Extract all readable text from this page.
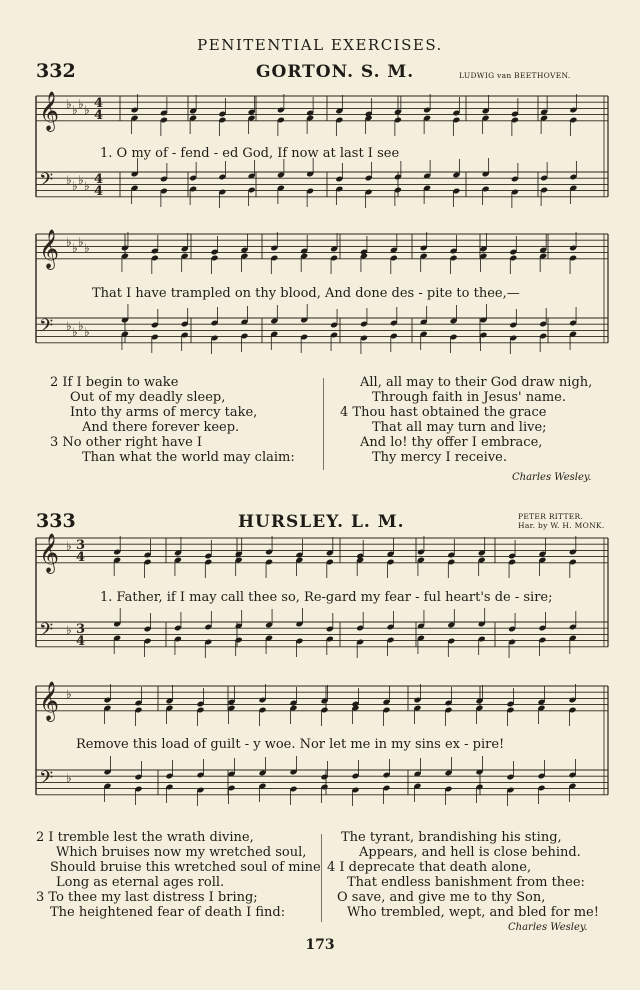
PENITENTIAL EXERCISES.
332	GORTON. S. M.	LUDWIG van BEETHOVEN.
𝄞 ♭ ♭ ♭ ♭ 4
4
𝄢 ♭ ♭ ♭ ♭ 4
4
1. O my of - fend - ed God, If now at last I see
𝄞 ♭ ♭ ♭ ♭
𝄢 ♭ ♭ ♭ ♭
That I have trampled on thy blood, And done des - pite to thee,—
2 If I begin to wake
Out of my deadly sleep,
Into thy arms of mercy take,
And there forever keep.
3 No other right have I
Than what the world may claim:
All, all may to their God draw nigh,
Through faith in Jesus' name.
4 Thou hast obtained the grace
That all may turn and live;
And lo! thy offer I embrace,
Thy mercy I receive.
Charles Wesley.
333	HURSLEY. L. M.	PETER RITTER.
Har. by W. H. MONK.
𝄞 ♭ 3
4
𝄢 ♭ 3
4
1. Father, if I may call thee so, Re-gard my fear - ful heart's de - sire;
𝄞 ♭
𝄢 ♭
Remove this load of guilt - y woe. Nor let me in my sins ex - pire!
2 I tremble lest the wrath divine,
Which bruises now my wretched soul,
Should bruise this wretched soul of mine
Long as eternal ages roll.
3 To thee my last distress I bring;
The heightened fear of death I find:
The tyrant, brandishing his sting,
Appears, and hell is close behind.
4 I deprecate that death alone,
That endless banishment from thee:
O save, and give me to thy Son,
Who trembled, wept, and bled for me!
Charles Wesley.
173
